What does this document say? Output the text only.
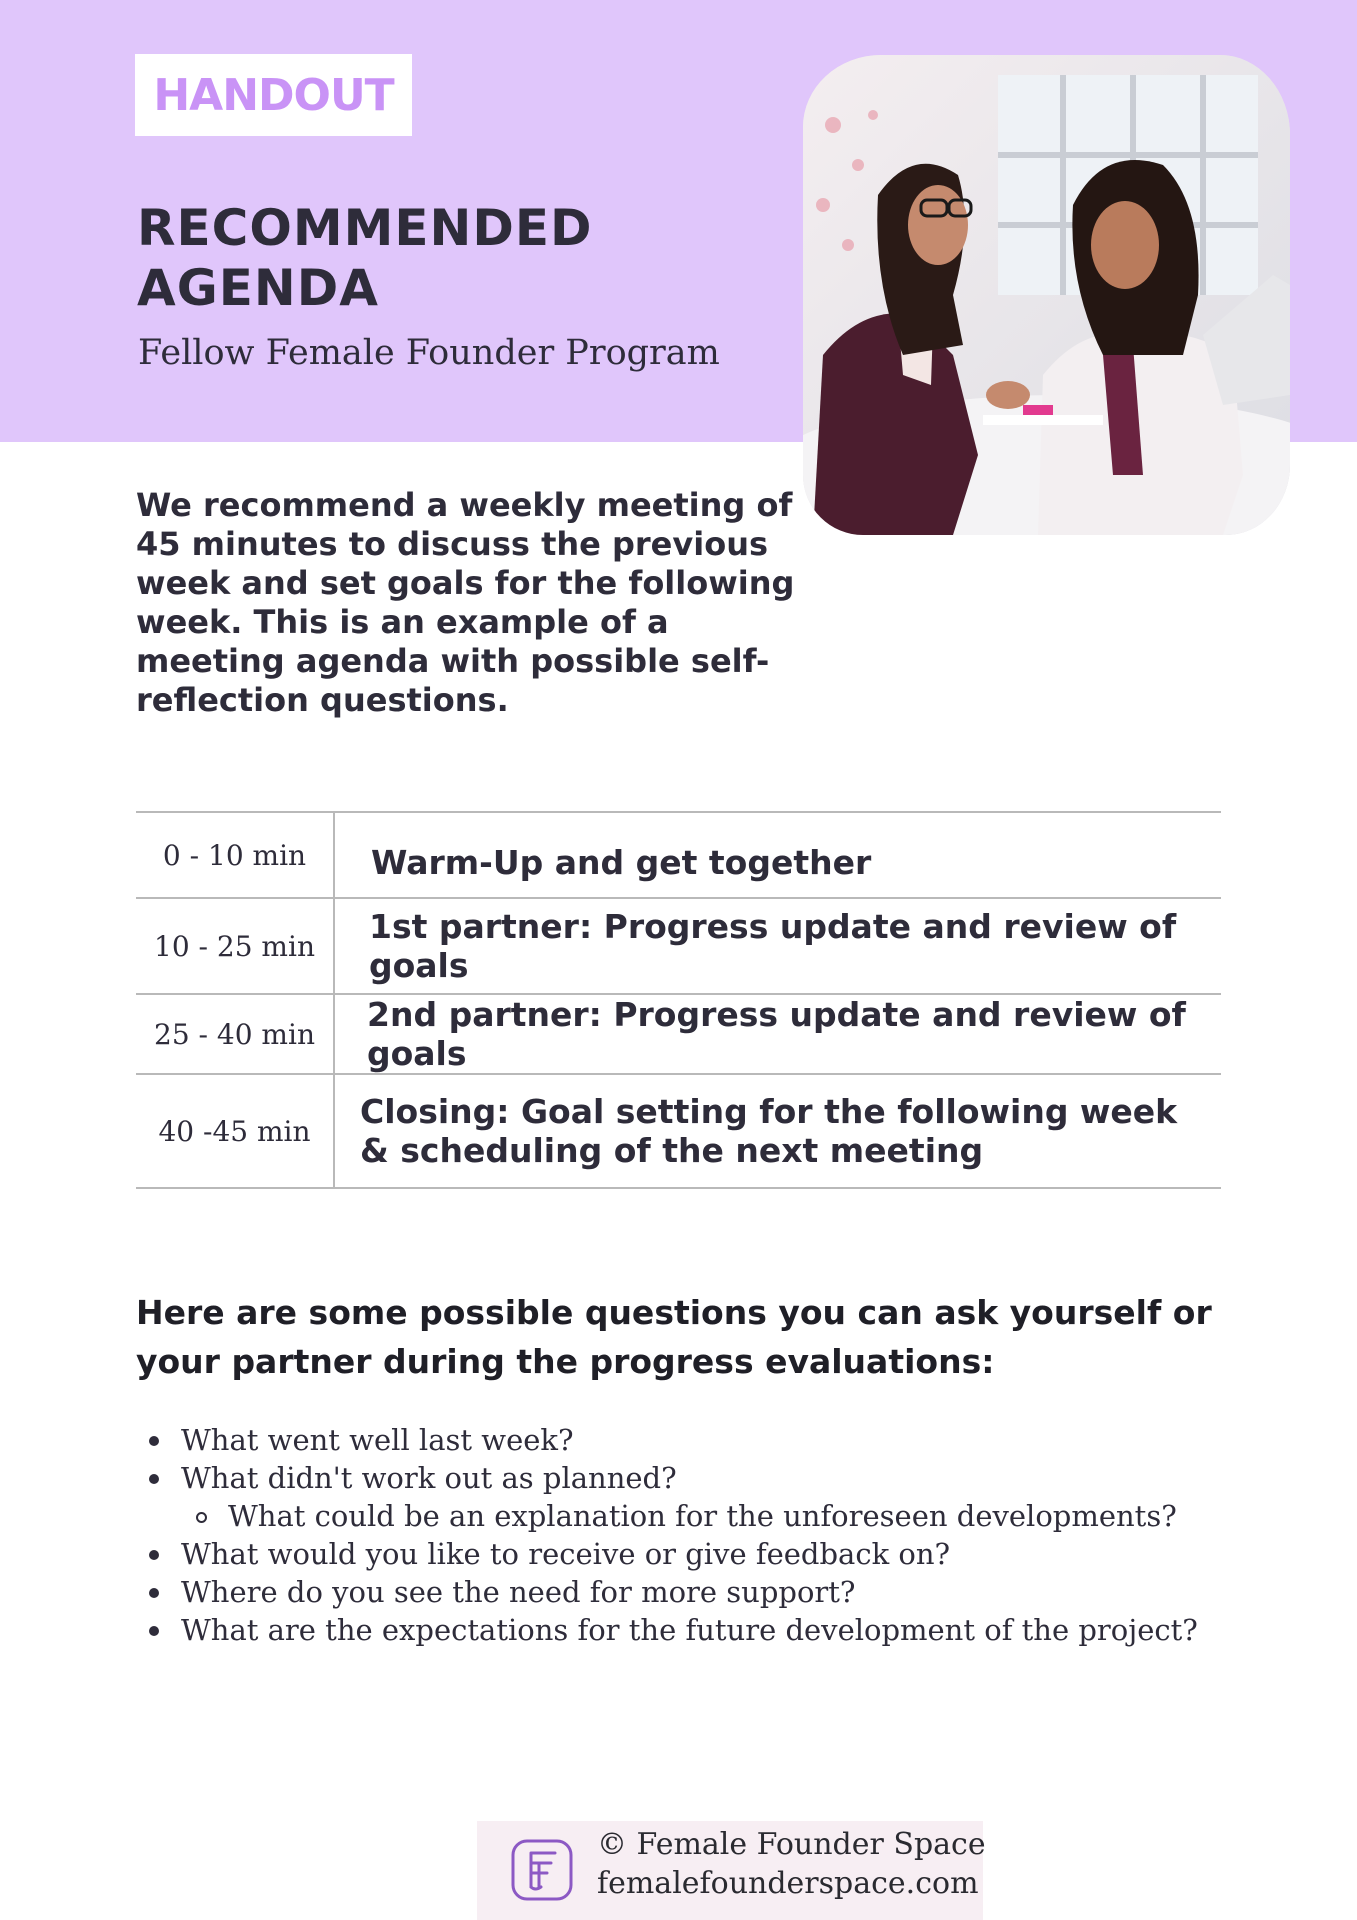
HANDOUT
RECOMMENDED AGENDA
Fellow Female Founder Program

We recommend a weekly meeting of 45 minutes to discuss the previous week and set goals for the following week. This is an example of a meeting agenda with possible self-reflection questions.

0 - 10 min	Warm-Up and get together
10 - 25 min	1st partner: Progress update and review of goals
25 - 40 min	2nd partner: Progress update and review of goals
40 -45 min	Closing: Goal setting for the following week & scheduling of the next meeting

Here are some possible questions you can ask yourself or your partner during the progress evaluations:

What went well last week?
What didn't work out as planned?
What could be an explanation for the unforeseen developments?
What would you like to receive or give feedback on?
Where do you see the need for more support?
What are the expectations for the future development of the project?
© Female Founder Space
femalefounderspace.com
